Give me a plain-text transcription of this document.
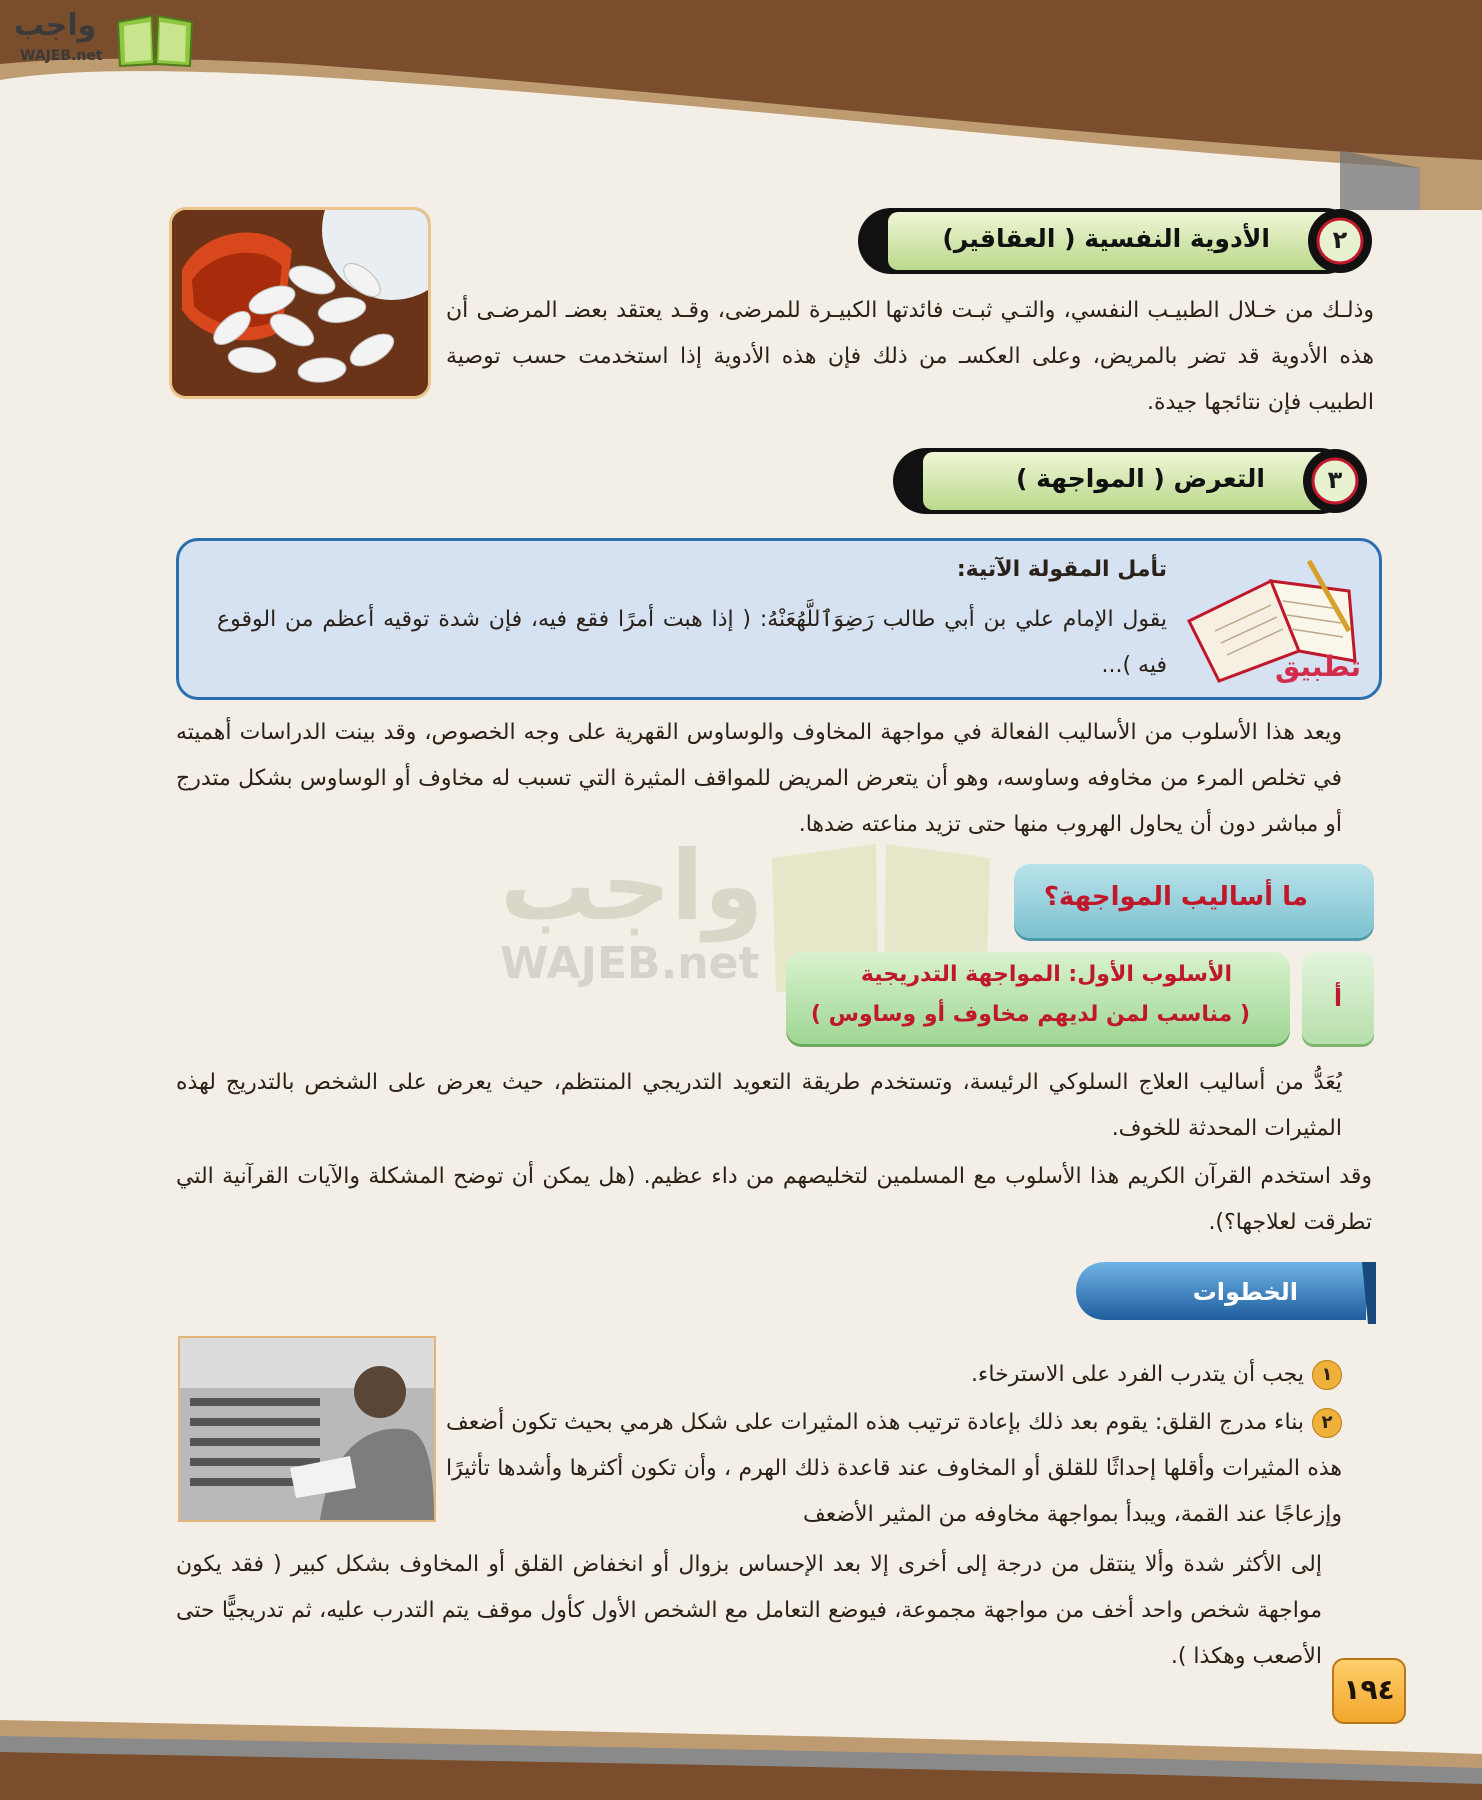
واجب
WAJEB.net
٢
الأدوية النفسية ( العقاقير)
وذلـك من خـلال الطبيـب النفسي، والتـي ثبـت فائدتها الكبيـرة للمرضى، وقـد يعتقد بعضـ المرضـى أن هذه الأدوية قد تضر بالمريض، وعلى العكسـ من ذلك فإن هذه الأدوية إذا استخدمت حسب توصية الطبيب فإن نتائجها جيدة.
٣
التعرض ( المواجهة )
تطبيق
تأمل المقولة الآتية:
يقول الإمام علي بن أبي طالب رَضِوَٱللَّهُعَنْهُ: ( إذا هبت أمرًا فقع فيه، فإن شدة توقيه أعظم من الوقوع فيه )...
ويعد هذا الأسلوب من الأساليب الفعالة في مواجهة المخاوف والوساوس القهرية على وجه الخصوص، وقد بينت الدراسات أهميته في تخلص المرء من مخاوفه وساوسه، وهو أن يتعرض المريض للمواقف المثيرة التي تسبب له مخاوف أو الوساوس بشكل متدرج أو مباشر دون أن يحاول الهروب منها حتى تزيد مناعته ضدها.
واجب
WAJEB.net
ما أساليب المواجهة؟
الأسلوب الأول: المواجهة التدريجية
( مناسب لمن لديهم مخاوف أو وساوس )
أ
يُعَدُّ من أساليب العلاج السلوكي الرئيسة، وتستخدم طريقة التعويد التدريجي المنتظم، حيث يعرض على الشخص بالتدريج لهذه المثيرات المحدثة للخوف.
وقد استخدم القرآن الكريم هذا الأسلوب مع المسلمين لتخليصهم من داء عظيم. (هل يمكن أن توضح المشكلة والآيات القرآنية التي تطرقت لعلاجها؟).
الخطوات
١يجب أن يتدرب الفرد على الاسترخاء.
٢بناء مدرج القلق: يقوم بعد ذلك بإعادة ترتيب هذه المثيرات على شكل هرمي بحيث تكون أضعف هذه المثيرات وأقلها إحداثًا للقلق أو المخاوف عند قاعدة ذلك الهرم ، وأن تكون أكثرها وأشدها تأثيرًا وإزعاجًا عند القمة، ويبدأ بمواجهة مخاوفه من المثير الأضعف
إلى الأكثر شدة وألا ينتقل من درجة إلى أخرى إلا بعد الإحساس بزوال أو انخفاض القلق أو المخاوف بشكل كبير ( فقد يكون مواجهة شخص واحد أخف من مواجهة مجموعة، فيوضع التعامل مع الشخص الأول كأول موقف يتم التدرب عليه، ثم تدريجيًّا حتى الأصعب وهكذا ).
١٩٤
